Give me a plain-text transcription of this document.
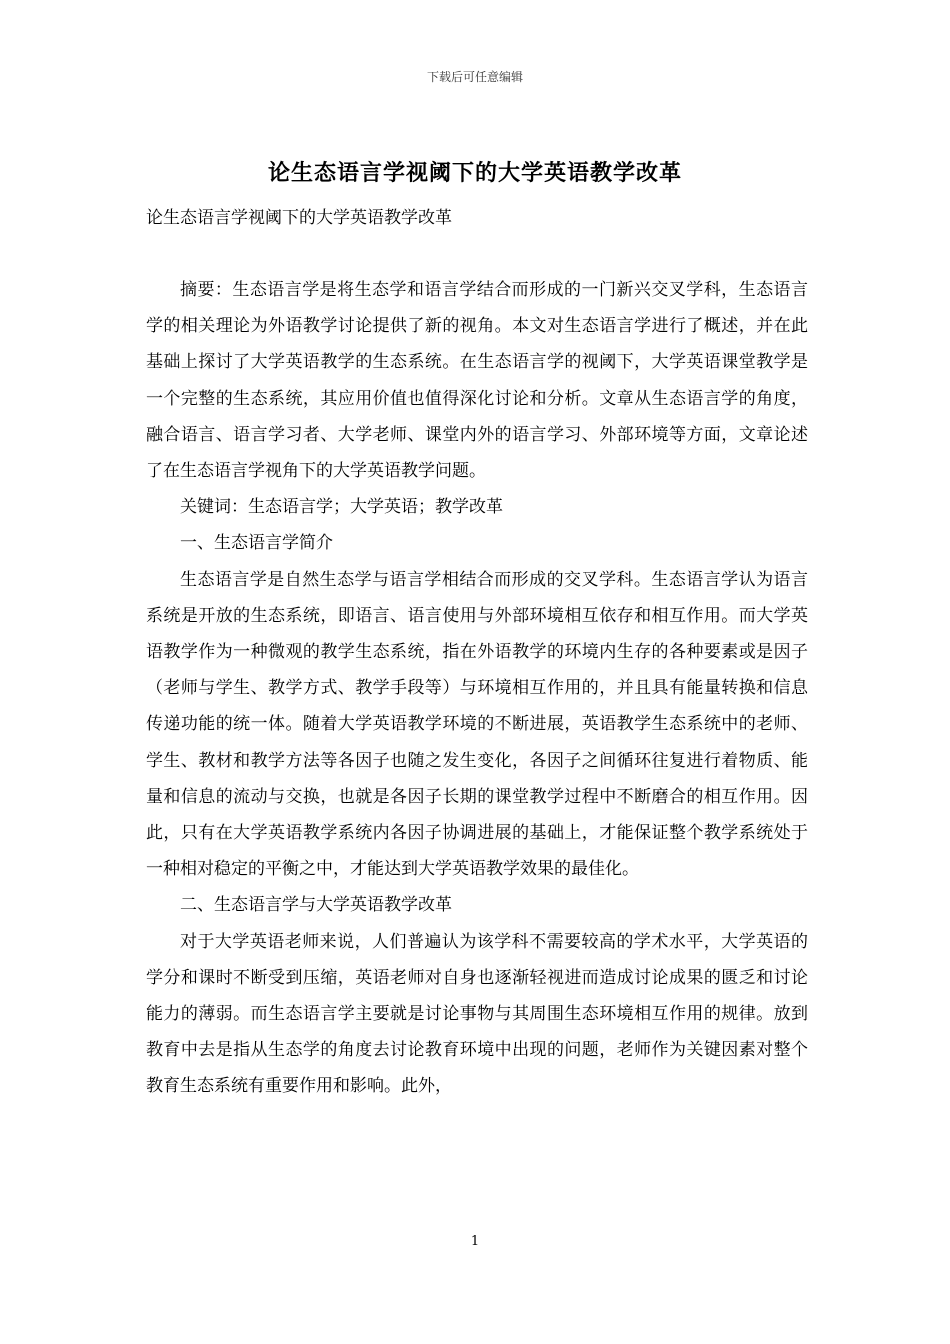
下载后可任意编辑
论生态语言学视阈下的大学英语教学改革
论生态语言学视阈下的大学英语教学改革

摘要：生态语言学是将生态学和语言学结合而形成的一门新兴交叉学科，生态语言学的相关理论为外语教学讨论提供了新的视角。本文对生态语言学进行了概述，并在此基础上探讨了大学英语教学的生态系统。在生态语言学的视阈下，大学英语课堂教学是一个完整的生态系统，其应用价值也值得深化讨论和分析。文章从生态语言学的角度，融合语言、语言学习者、大学老师、课堂内外的语言学习、外部环境等方面，文章论述了在生态语言学视角下的大学英语教学问题。

关键词：生态语言学；大学英语；教学改革

一、生态语言学简介

生态语言学是自然生态学与语言学相结合而形成的交叉学科。生态语言学认为语言系统是开放的生态系统，即语言、语言使用与外部环境相互依存和相互作用。而大学英语教学作为一种微观的教学生态系统，指在外语教学的环境内生存的各种要素或是因子（老师与学生、教学方式、教学手段等）与环境相互作用的，并且具有能量转换和信息传递功能的统一体。随着大学英语教学环境的不断进展，英语教学生态系统中的老师、学生、教材和教学方法等各因子也随之发生变化，各因子之间循环往复进行着物质、能量和信息的流动与交换，也就是各因子长期的课堂教学过程中不断磨合的相互作用。因此，只有在大学英语教学系统内各因子协调进展的基础上，才能保证整个教学系统处于一种相对稳定的平衡之中，才能达到大学英语教学效果的最佳化。

二、生态语言学与大学英语教学改革

对于大学英语老师来说，人们普遍认为该学科不需要较高的学术水平，大学英语的学分和课时不断受到压缩，英语老师对自身也逐渐轻视进而造成讨论成果的匮乏和讨论能力的薄弱。而生态语言学主要就是讨论事物与其周围生态环境相互作用的规律。放到教育中去是指从生态学的角度去讨论教育环境中出现的问题，老师作为关键因素对整个教育生态系统有重要作用和影响。此外，

1
